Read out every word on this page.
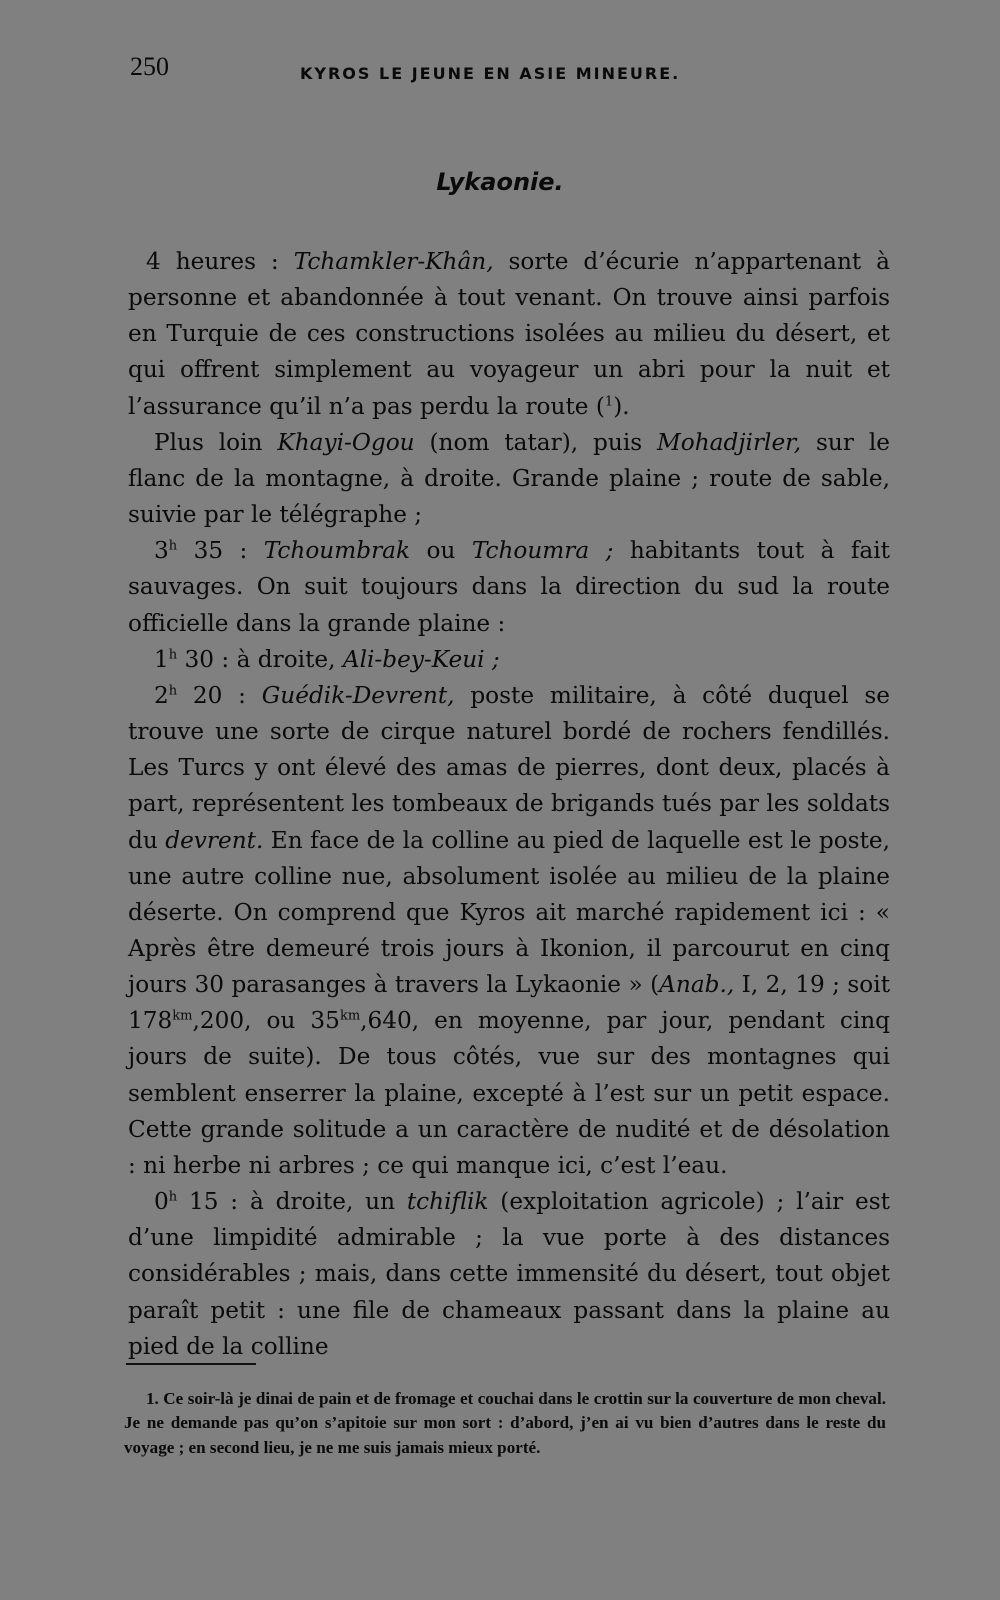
250	KYROS LE JEUNE EN ASIE MINEURE.
Lykaonie.

4 heures : Tchamkler-Khân, sorte d’écurie n’appartenant à personne et abandonnée à tout venant. On trouve ainsi parfois en Turquie de ces constructions isolées au milieu du désert, et qui offrent simplement au voyageur un abri pour la nuit et l’assurance qu’il n’a pas perdu la route ($^1$).

Plus loin Khayi-Ogou (nom tatar), puis Mohadjirler, sur le flanc de la montagne, à droite. Grande plaine ; route de sable, suivie par le télégraphe ;

3$^h$ 35 : Tchoumbrak ou Tchoumra ; habitants tout à fait sauvages. On suit toujours dans la direction du sud la route officielle dans la grande plaine :

1$^h$ 30 : à droite, Ali-bey-Keui ;

2$^h$ 20 : Guédik-Devrent, poste militaire, à côté duquel se trouve une sorte de cirque naturel bordé de rochers fendillés. Les Turcs y ont élevé des amas de pierres, dont deux, placés à part, représentent les tombeaux de brigands tués par les soldats du devrent. En face de la colline au pied de laquelle est le poste, une autre colline nue, absolument isolée au milieu de la plaine déserte. On comprend que Kyros ait marché rapidement ici : « Après être demeuré trois jours à Ikonion, il parcourut en cinq jours 30 parasanges à travers la Lykaonie » (Anab., I, 2, 19 ; soit $178^{km},200$, ou $35^{km},640$, en moyenne, par jour, pendant cinq jours de suite). De tous côtés, vue sur des montagnes qui semblent enserrer la plaine, excepté à l’est sur un petit espace. Cette grande solitude a un caractère de nudité et de désolation : ni herbe ni arbres ; ce qui manque ici, c’est l’eau.

0$^h$ 15 : à droite, un tchiflik (exploitation agricole) ; l’air est d’une limpidité admirable ; la vue porte à des distances considérables ; mais, dans cette immensité du désert, tout objet paraît petit : une file de chameaux passant dans la plaine au pied de la colline

1. Ce soir-là je dinai de pain et de fromage et couchai dans le crottin sur la couverture de mon cheval. Je ne demande pas qu’on s’apitoie sur mon sort : d’abord, j’en ai vu bien d’autres dans le reste du voyage ; en second lieu, je ne me suis jamais mieux porté.
